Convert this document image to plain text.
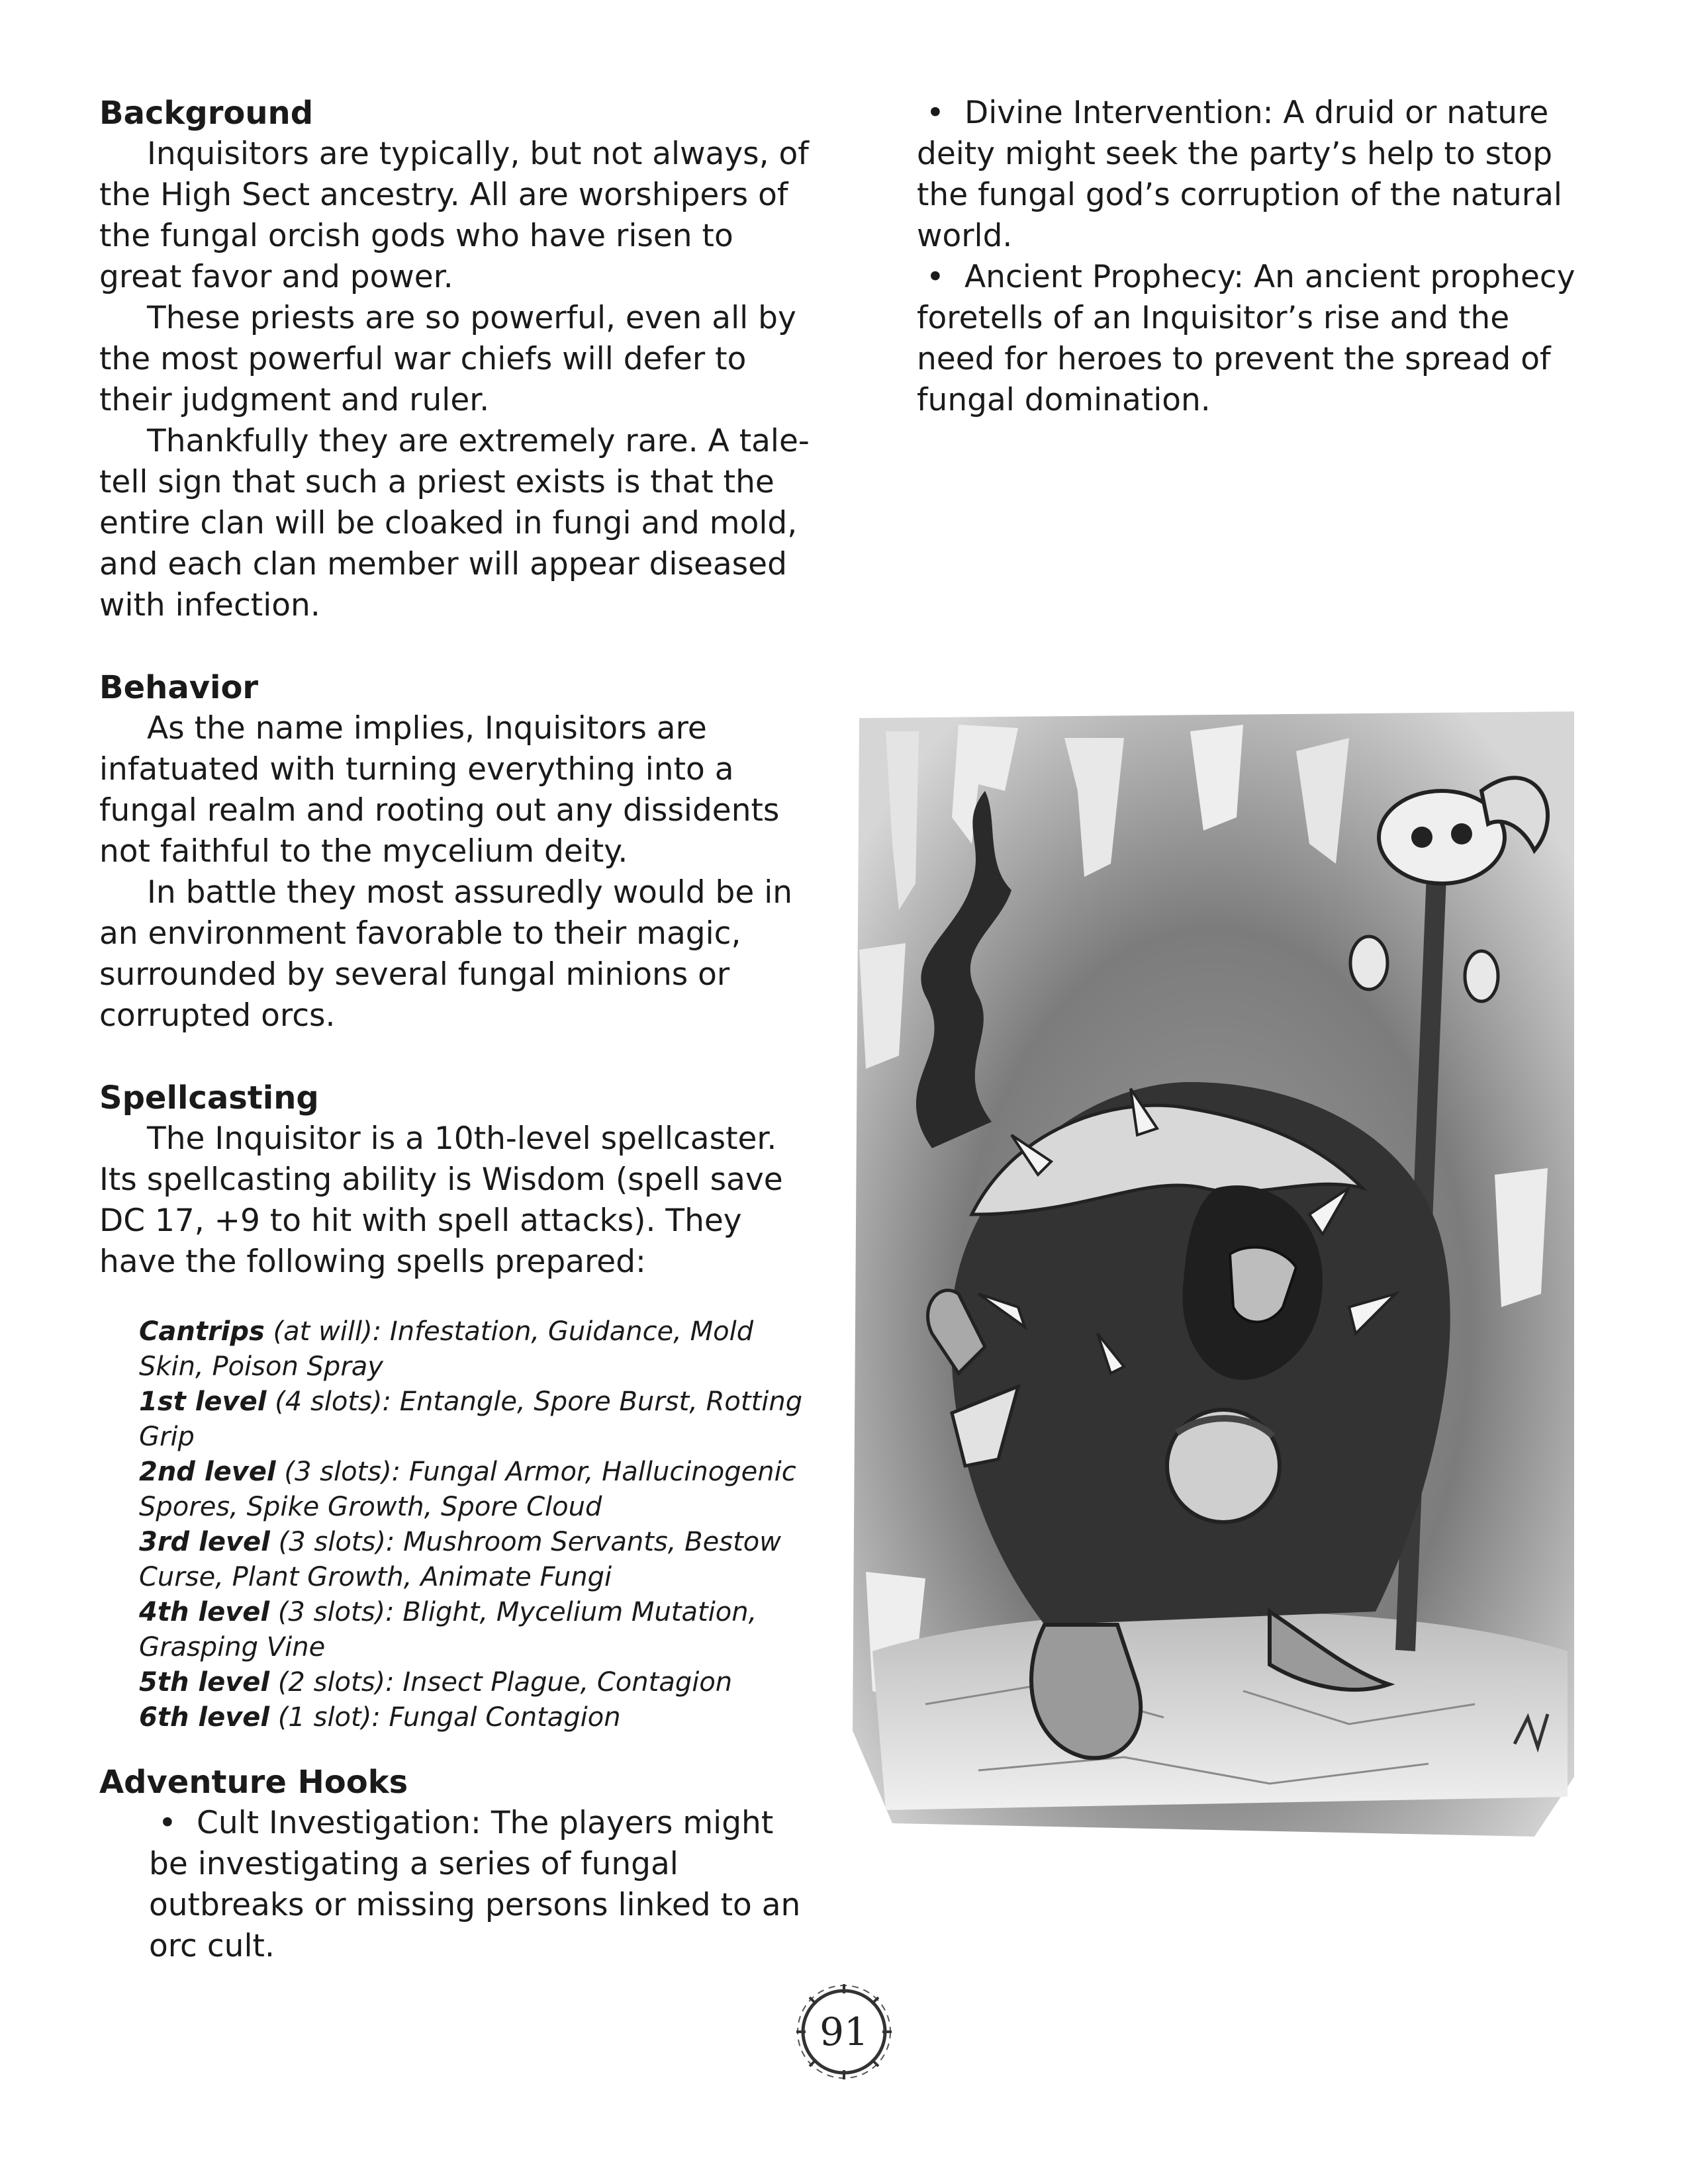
Background

Inquisitors are typically, but not always, of the High Sect ancestry. All are worshipers of the fungal orcish gods who have risen to great favor and power.

These priests are so powerful, even all by the most powerful war chiefs will defer to their judgment and ruler.

Thankfully they are extremely rare. A tale-tell sign that such a priest exists is that the entire clan will be cloaked in fungi and mold, and each clan member will appear diseased with infection.

Behavior

As the name implies, Inquisitors are infatuated with turning everything into a fungal realm and rooting out any dissidents not faithful to the mycelium deity.

In battle they most assuredly would be in an environment favorable to their magic, surrounded by several fungal minions or corrupted orcs.

Spellcasting

The Inquisitor is a 10th-level spellcaster. Its spellcasting ability is Wisdom (spell save DC 17, +9 to hit with spell attacks). They have the following spells prepared:

Cantrips (at will): Infestation, Guidance, Mold Skin, Poison Spray
1st level (4 slots): Entangle, Spore Burst, Rotting Grip
2nd level (3 slots): Fungal Armor, Hallucinogenic Spores, Spike Growth, Spore Cloud
3rd level (3 slots): Mushroom Servants, Bestow Curse, Plant Growth, Animate Fungi
4th level (3 slots): Blight, Mycelium Mutation, Grasping Vine
5th level (2 slots): Insect Plague, Contagion
6th level (1 slot): Fungal Contagion
Adventure Hooks
• Cult Investigation: The players might be investigating a series of fungal outbreaks or missing persons linked to an orc cult.
• Divine Intervention: A druid or nature deity might seek the party’s help to stop the fungal god’s corruption of the natural world.
• Ancient Prophecy: An ancient prophecy foretells of an Inquisitor’s rise and the need for heroes to prevent the spread of fungal domination.
91
